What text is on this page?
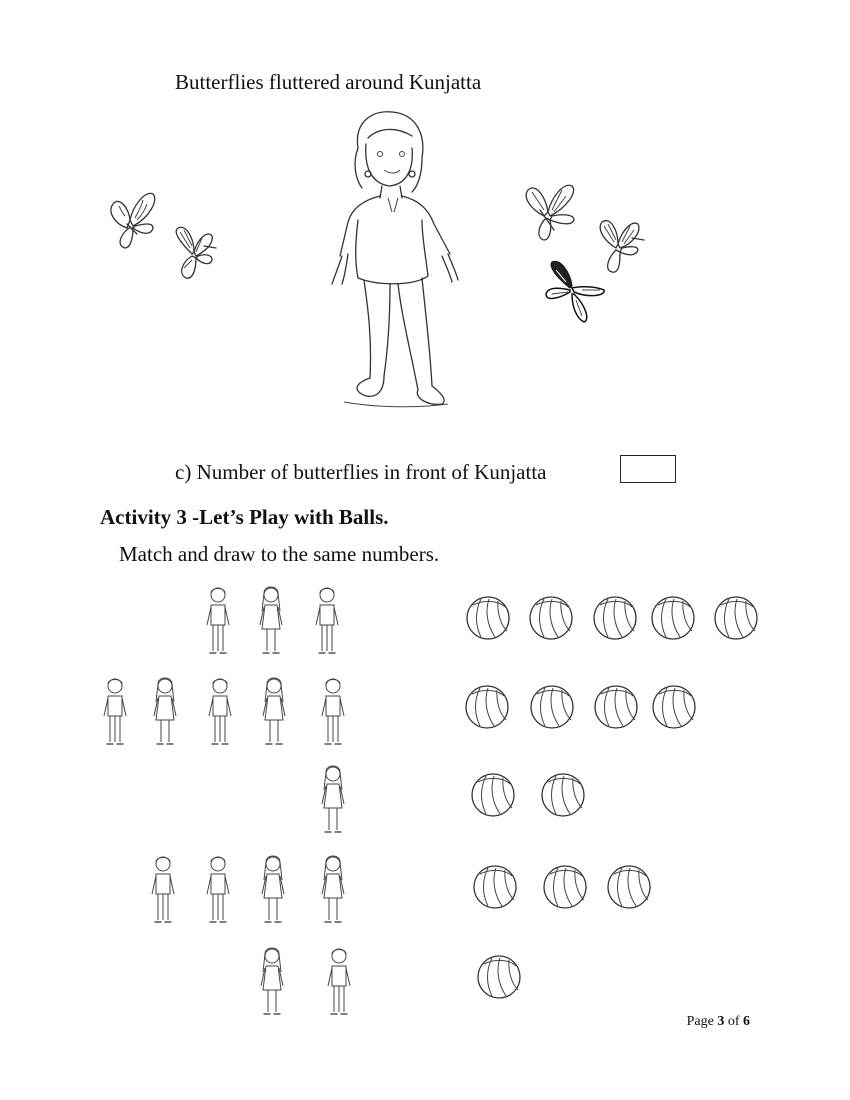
Butterflies fluttered around Kunjatta
c) Number of butterflies in front of Kunjatta
Activity 3 -Let’s Play with Balls.
Match and draw to the same numbers.
Page 3 of 6
